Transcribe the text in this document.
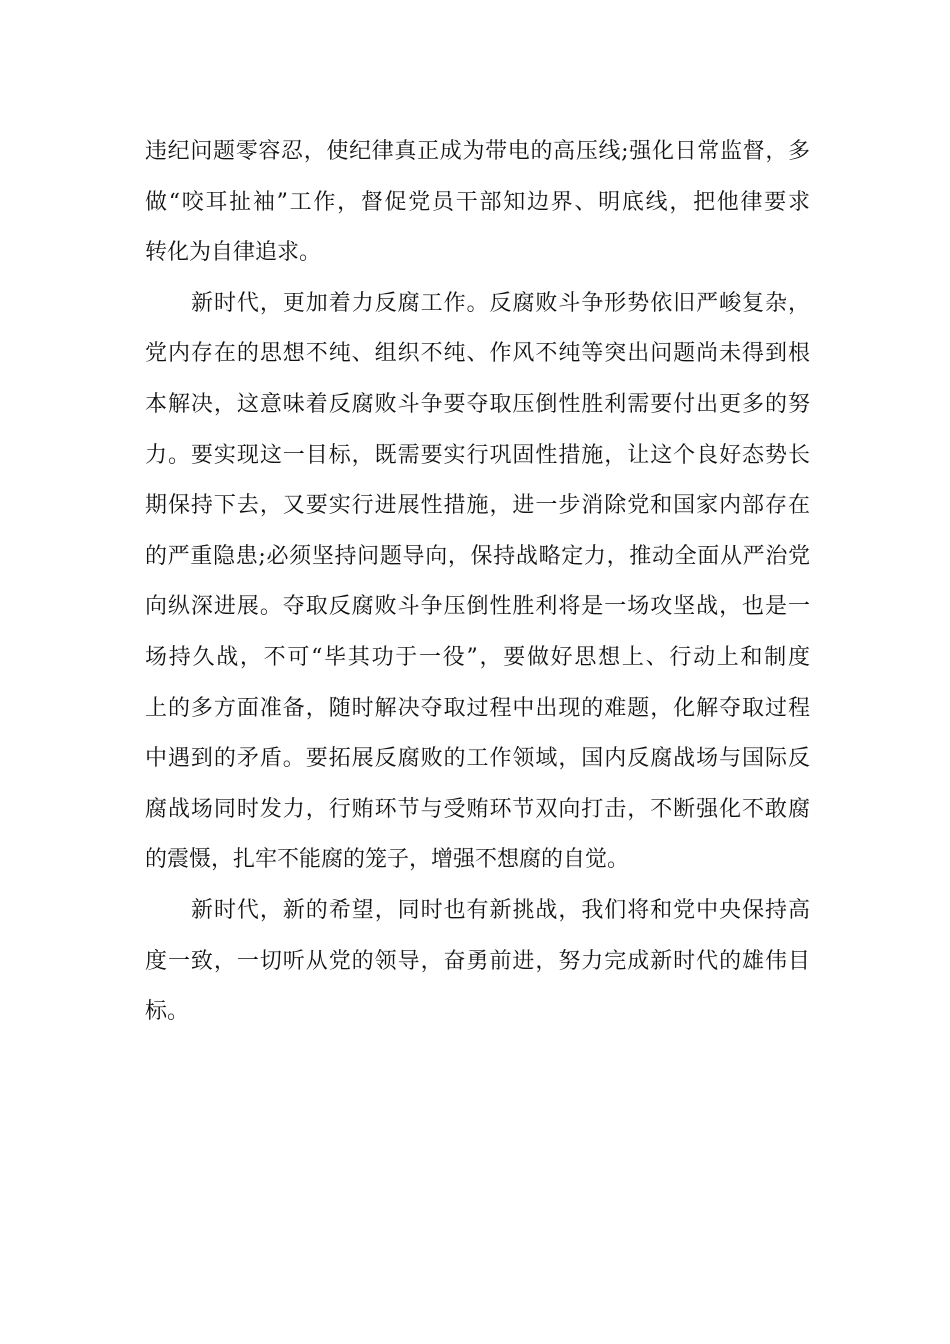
违纪问题零容忍，使纪律真正成为带电的高压线;强化日常监督，多
做“咬耳扯袖”工作，督促党员干部知边界、明底线，把他律要求
转化为自律追求。
新时代，更加着力反腐工作。反腐败斗争形势依旧严峻复杂，
党内存在的思想不纯、组织不纯、作风不纯等突出问题尚未得到根
本解决，这意味着反腐败斗争要夺取压倒性胜利需要付出更多的努
力。要实现这一目标，既需要实行巩固性措施，让这个良好态势长
期保持下去，又要实行进展性措施，进一步消除党和国家内部存在
的严重隐患;必须坚持问题导向，保持战略定力，推动全面从严治党
向纵深进展。夺取反腐败斗争压倒性胜利将是一场攻坚战，也是一
场持久战，不可“毕其功于一役”，要做好思想上、行动上和制度
上的多方面准备，随时解决夺取过程中出现的难题，化解夺取过程
中遇到的矛盾。要拓展反腐败的工作领域，国内反腐战场与国际反
腐战场同时发力，行贿环节与受贿环节双向打击，不断强化不敢腐
的震慑，扎牢不能腐的笼子，增强不想腐的自觉。
新时代，新的希望，同时也有新挑战，我们将和党中央保持高
度一致，一切听从党的领导，奋勇前进，努力完成新时代的雄伟目
标。
